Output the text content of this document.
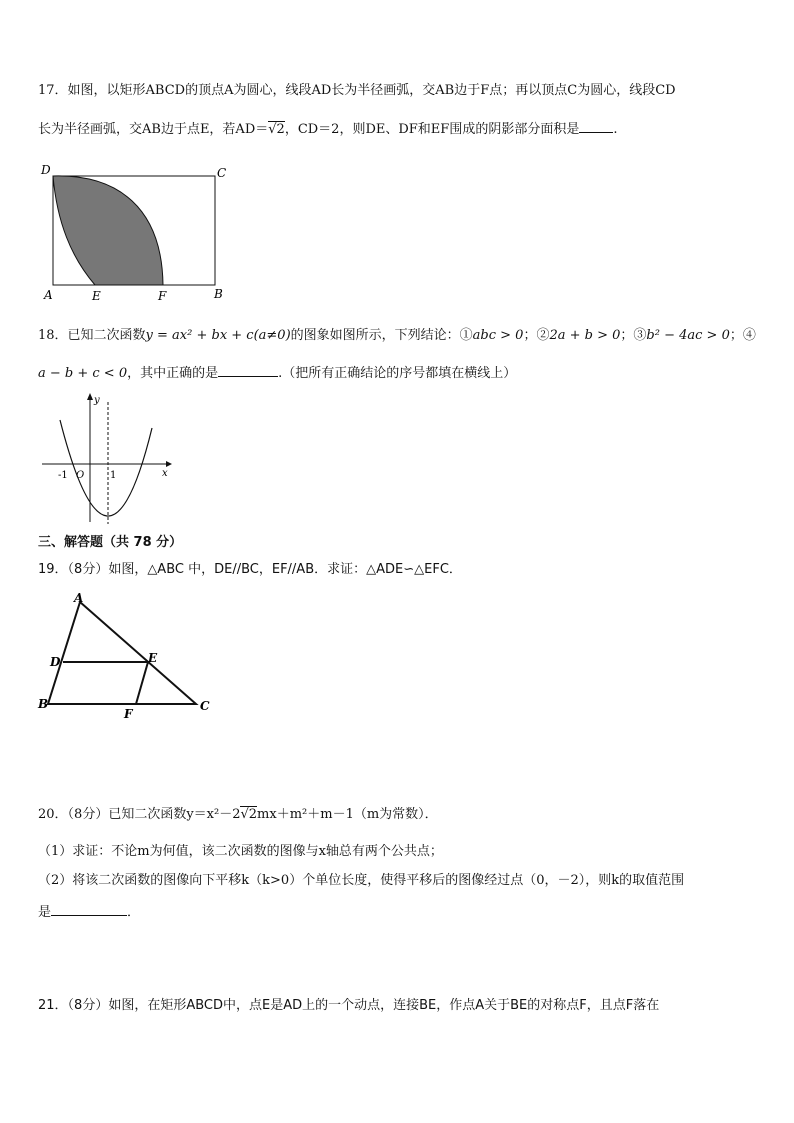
17．如图，以矩形ABCD的顶点A为圆心，线段AD长为半径画弧，交AB边于F点；再以顶点C为圆心，线段CD
长为半径画弧，交AB边于点E，若AD＝√2，CD＝2，则DE、DF和EF围成的阴影部分面积是	.
D	C
A	E	F	B
18．已知二次函数y = ax² + bx + c(a≠0)的图象如图所示，下列结论：①abc > 0；②2a + b > 0；③b² − 4ac > 0；④
a − b + c < 0，其中正确的是	.（把所有正确结论的序号都填在横线上）
y
x
-1 O	1
三、解答题（共 78 分）
19．（8分）如图，△ABC 中，DE//BC，EF//AB．求证：△ADE∽△EFC．
A
D	E
B
F
C
20．（8分）已知二次函数y＝x²－2√2mx＋m²＋m－1（m为常数）．
（1）求证：不论m为何值，该二次函数的图像与x轴总有两个公共点；
（2）将该二次函数的图像向下平移k（k>0）个单位长度，使得平移后的图像经过点（0，－2），则k的取值范围
是	．
21．（8分）如图，在矩形ABCD中，点E是AD上的一个动点，连接BE，作点A关于BE的对称点F，且点F落在
